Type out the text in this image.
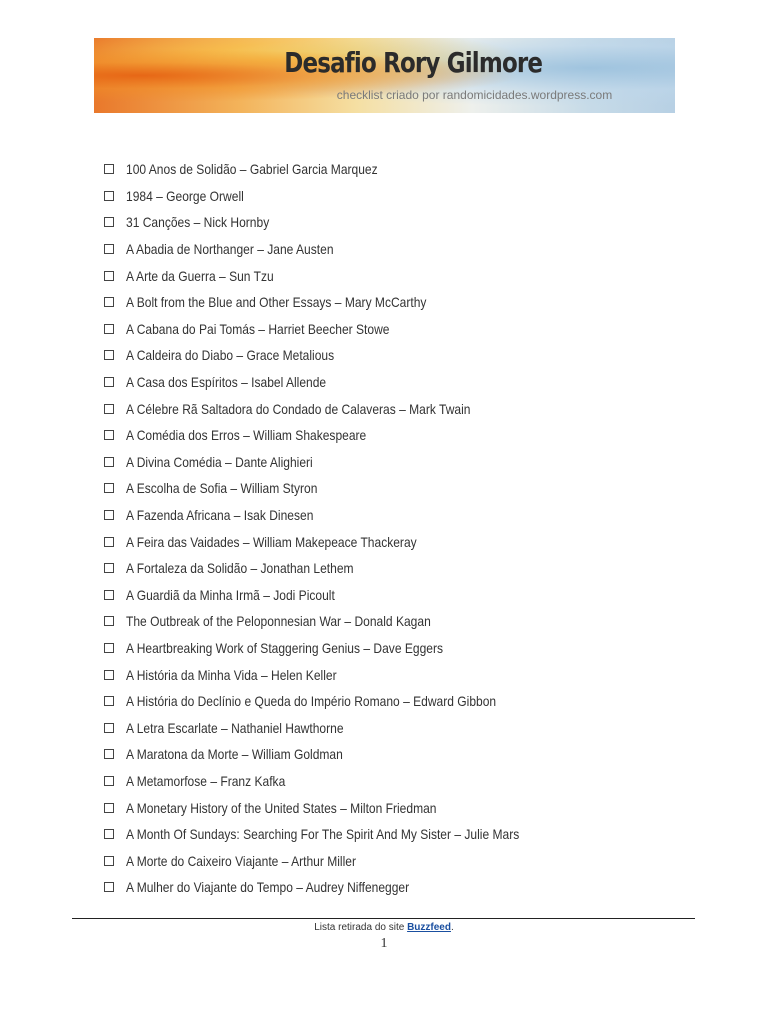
Desafio Rory Gilmore
checklist criado por randomicidades.wordpress.com
100 Anos de Solidão – Gabriel Garcia Marquez
1984 – George Orwell
31 Canções – Nick Hornby
A Abadia de Northanger – Jane Austen
A Arte da Guerra – Sun Tzu
A Bolt from the Blue and Other Essays – Mary McCarthy
A Cabana do Pai Tomás – Harriet Beecher Stowe
A Caldeira do Diabo – Grace Metalious
A Casa dos Espíritos – Isabel Allende
A Célebre Rã Saltadora do Condado de Calaveras – Mark Twain
A Comédia dos Erros – William Shakespeare
A Divina Comédia – Dante Alighieri
A Escolha de Sofia – William Styron
A Fazenda Africana – Isak Dinesen
A Feira das Vaidades – William Makepeace Thackeray
A Fortaleza da Solidão – Jonathan Lethem
A Guardiã da Minha Irmã – Jodi Picoult
The Outbreak of the Peloponnesian War – Donald Kagan
A Heartbreaking Work of Staggering Genius – Dave Eggers
A História da Minha Vida – Helen Keller
A História do Declínio e Queda do Império Romano – Edward Gibbon
A Letra Escarlate – Nathaniel Hawthorne
A Maratona da Morte – William Goldman
A Metamorfose – Franz Kafka
A Monetary History of the United States – Milton Friedman
A Month Of Sundays: Searching For The Spirit And My Sister – Julie Mars
A Morte do Caixeiro Viajante – Arthur Miller
A Mulher do Viajante do Tempo – Audrey Niffenegger
Lista retirada do site Buzzfeed.
1
